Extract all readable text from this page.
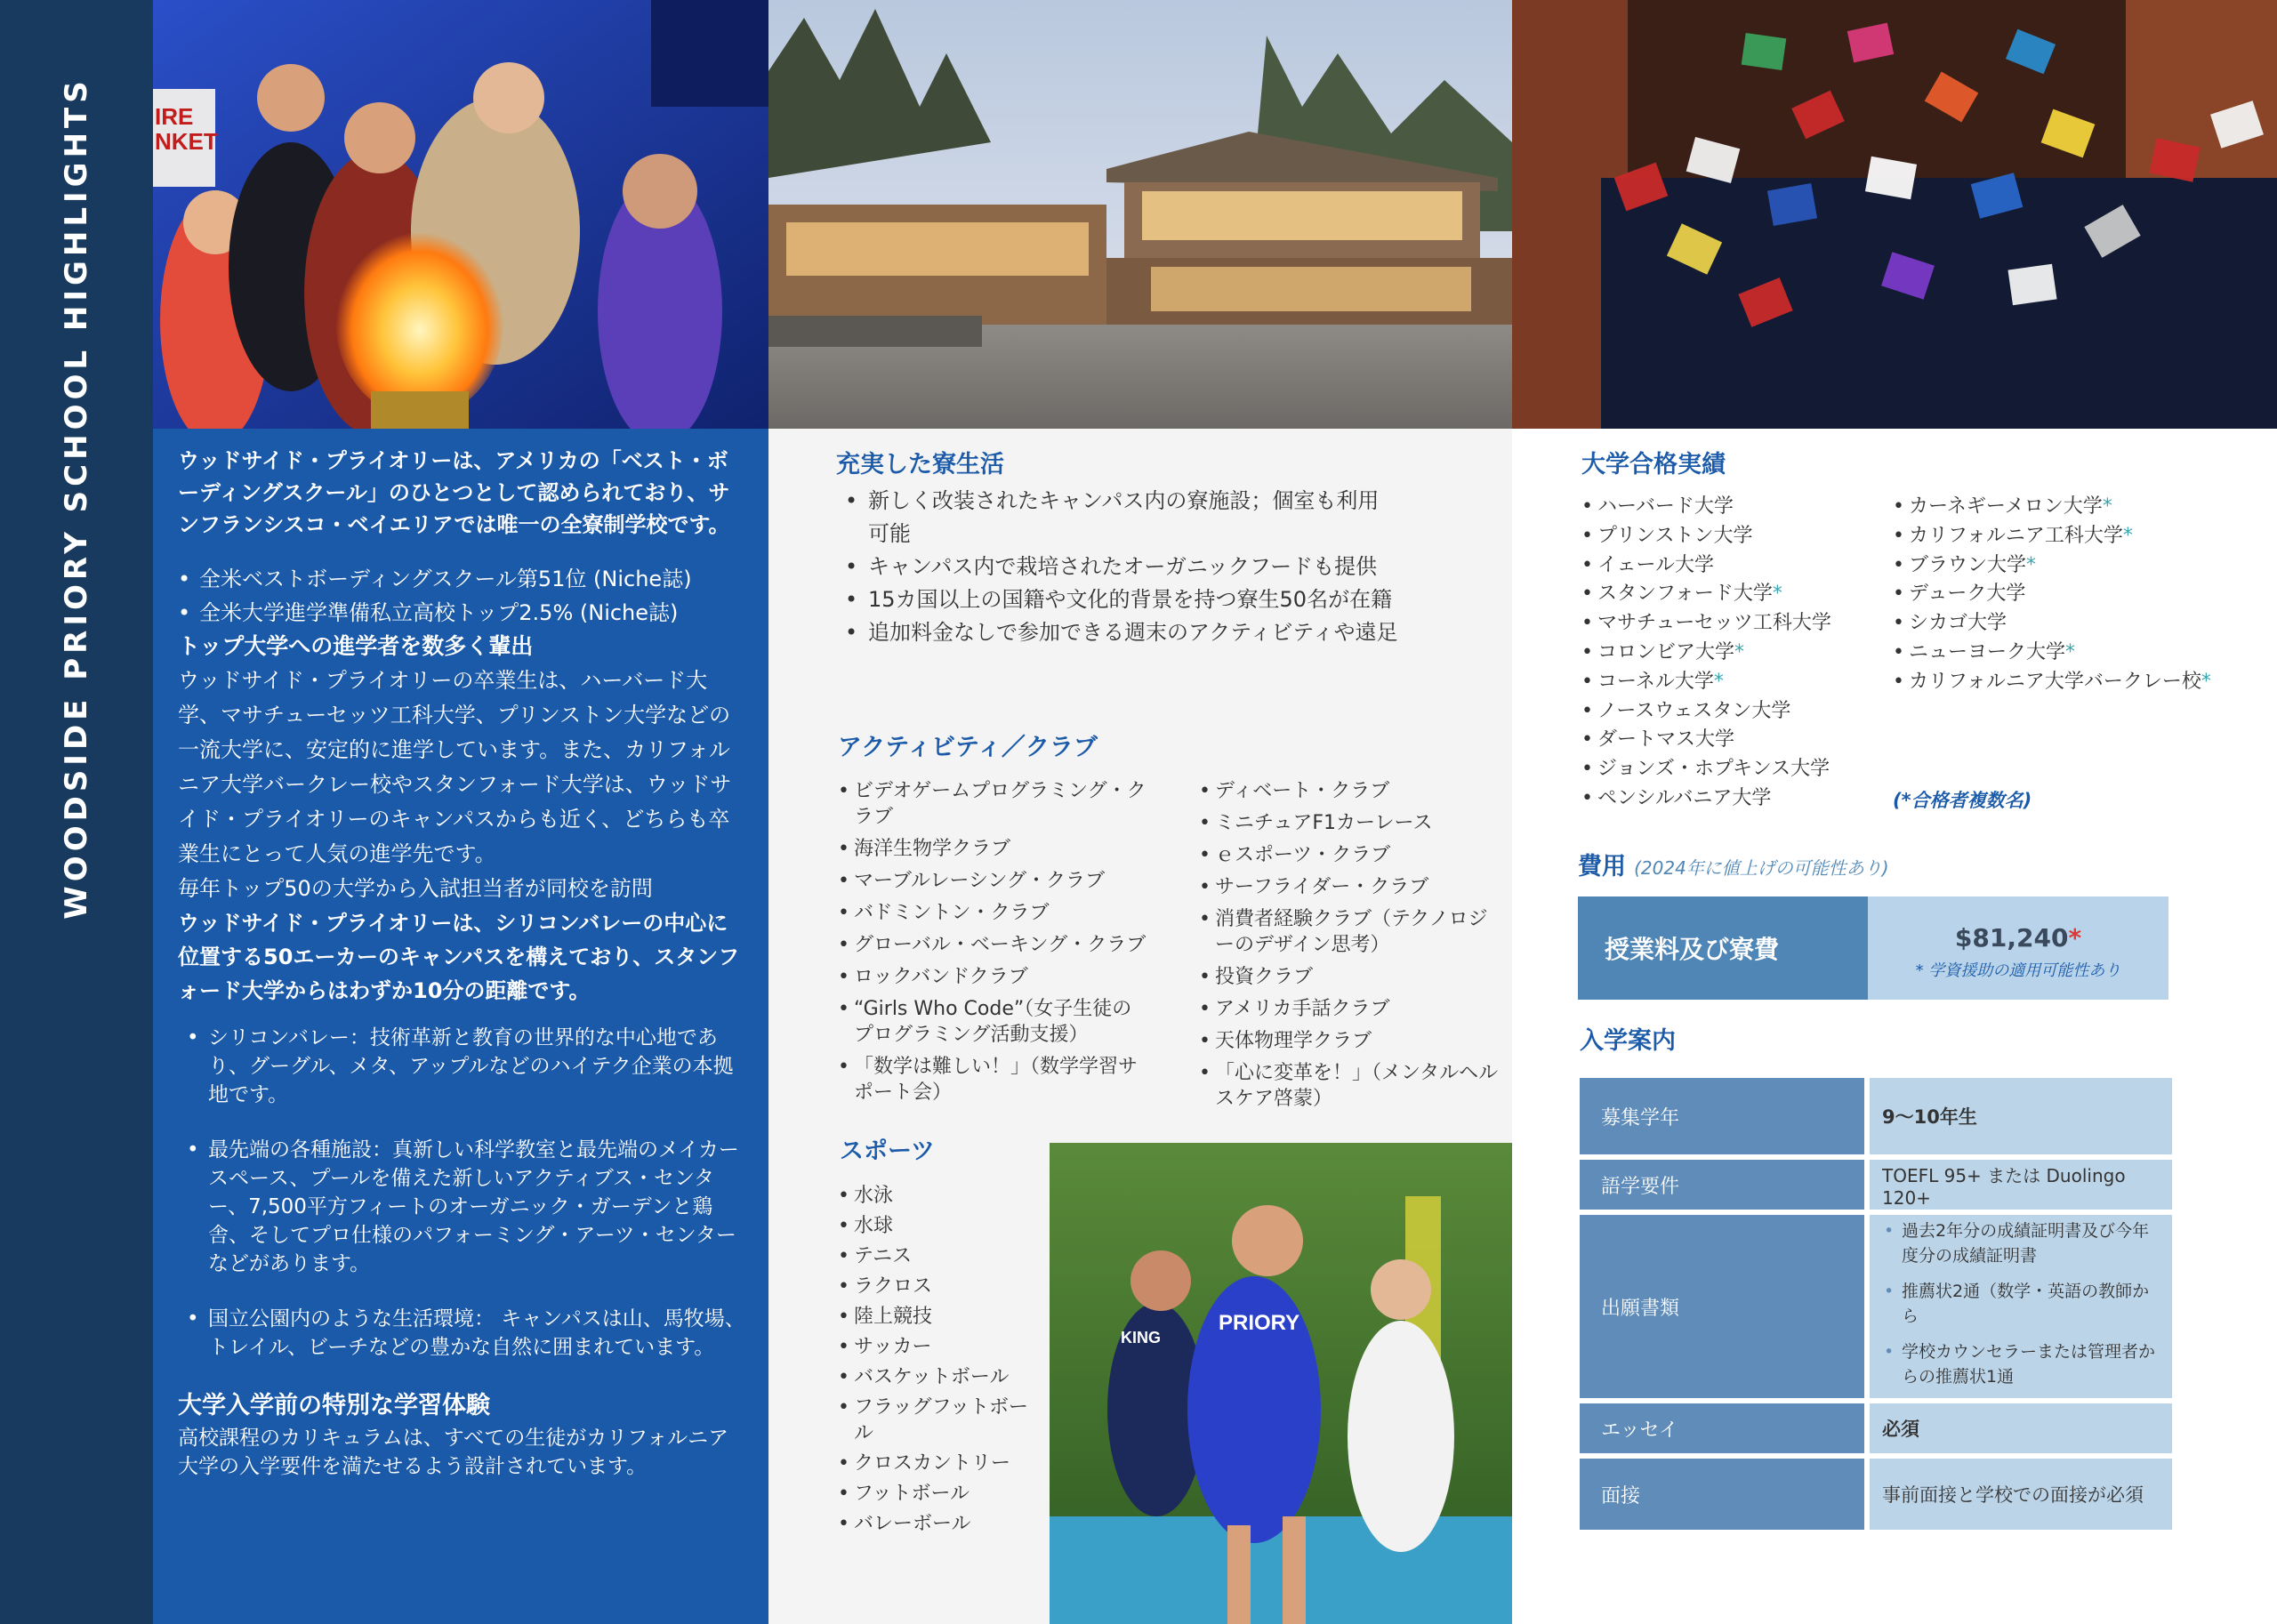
WOODSIDE PRIORY SCHOOL HIGHLIGHTS	IRE
NKET

ウッドサイド・プライオリーは、アメリカの「ベスト・ボーディングスクール」のひとつとして認められており、サンフランシスコ・ベイエリアでは唯一の全寮制学校です。

• 全米ベストボーディングスクール第51位 (Niche誌)
• 全米大学進学準備私立高校トップ2.5% (Niche誌)

トップ大学への進学者を数多く輩出

ウッドサイド・プライオリーの卒業生は、ハーバード大学、マサチューセッツ工科大学、プリンストン大学などの一流大学に、安定的に進学しています。また、カリフォルニア大学バークレー校やスタンフォード大学は、ウッドサイド・プライオリーのキャンパスからも近く、どちらも卒業生にとって人気の進学先です。

毎年トップ50の大学から入試担当者が同校を訪問

ウッドサイド・プライオリーは、シリコンバレーの中心に位置する50エーカーのキャンパスを構えており、スタンフォード大学からはわずか10分の距離です。

• シリコンバレー：技術革新と教育の世界的な中心地であり、グーグル、メタ、アップルなどのハイテク企業の本拠地です。
• 最先端の各種施設：真新しい科学教室と最先端のメイカースペース、プールを備えた新しいアクティブス・センター、7,500平方フィートのオーガニック・ガーデンと鶏舎、そしてプロ仕様のパフォーミング・アーツ・センターなどがあります。
• 国立公園内のような生活環境： キャンパスは山、馬牧場、トレイル、ビーチなどの豊かな自然に囲まれています。

大学入学前の特別な学習体験

高校課程のカリキュラムは、すべての生徒がカリフォルニア大学の入学要件を満たせるよう設計されています。

充実した寮生活
• 新しく改装されたキャンパス内の寮施設；個室も利用可能
• キャンパス内で栽培されたオーガニックフードも提供
• 15カ国以上の国籍や文化的背景を持つ寮生50名が在籍
• 追加料金なしで参加できる週末のアクティビティや遠足
アクティビティ／クラブ
• ビデオゲームプログラミング・クラブ
• 海洋生物学クラブ
• マーブルレーシング・クラブ
• バドミントン・クラブ
• グローバル・ベーキング・クラブ
• ロックバンドクラブ
• “Girls Who Code”（女子生徒のプログラミング活動支援）
• 「数学は難しい！」（数学学習サポート会）
• ディベート・クラブ
• ミニチュアF1カーレース
• ｅスポーツ・クラブ
• サーフライダー・クラブ
• 消費者経験クラブ（テクノロジーのデザイン思考）
• 投資クラブ
• アメリカ手話クラブ
• 天体物理学クラブ
• 「心に変革を！」（メンタルヘルスケア啓蒙）
スポーツ
• 水泳
• 水球
• テニス
• ラクロス
• 陸上競技
• サッカー
• バスケットボール
• フラッグフットボール
• クロスカントリー
• フットボール
• バレーボール
PRIORY
KING
大学合格実績
• ハーバード大学
• プリンストン大学
• イェール大学
• スタンフォード大学*
• マサチューセッツ工科大学
• コロンビア大学*
• コーネル大学*
• ノースウェスタン大学
• ダートマス大学
• ジョンズ・ホプキンス大学
• ペンシルバニア大学
• カーネギーメロン大学*
• カリフォルニア工科大学*
• ブラウン大学*
• デューク大学
• シカゴ大学
• ニューヨーク大学*
• カリフォルニア大学バークレー校*
(*合格者複数名)
費用 (2024年に値上げの可能性あり)
授業料及び寮費	$81,240*
* 学資援助の適用可能性あり
入学案内
募集学年	9～10年生
語学要件	TOEFL 95+ または Duolingo 120+
出願書類
• 過去2年分の成績証明書及び今年度分の成績証明書
• 推薦状2通（数学・英語の教師から
• 学校カウンセラーまたは管理者からの推薦状1通
エッセイ	必須
面接	事前面接と学校での面接が必須
